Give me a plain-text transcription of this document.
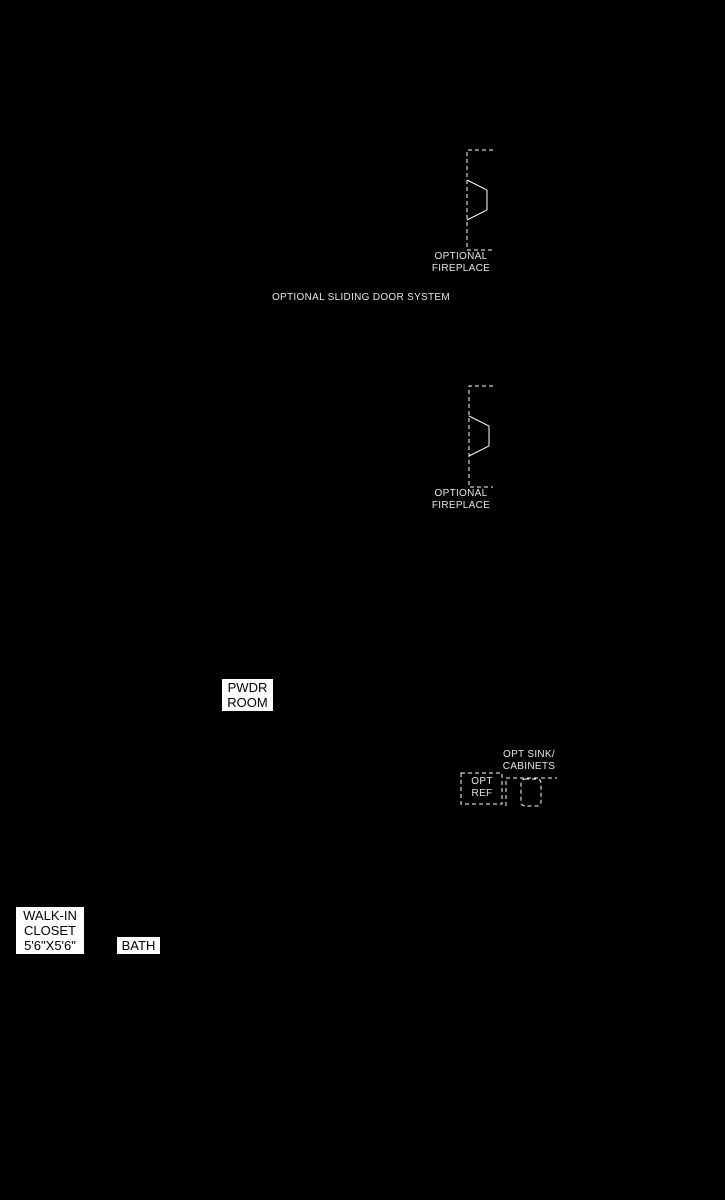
OPTIONAL
FIREPLACE
OPTIONAL SLIDING DOOR SYSTEM
OPTIONAL
FIREPLACE
PWDR
ROOM
OPT SINK/
CABINETS
OPT
REF
WALK-IN
CLOSET
5'6"X5'6"	BATH
